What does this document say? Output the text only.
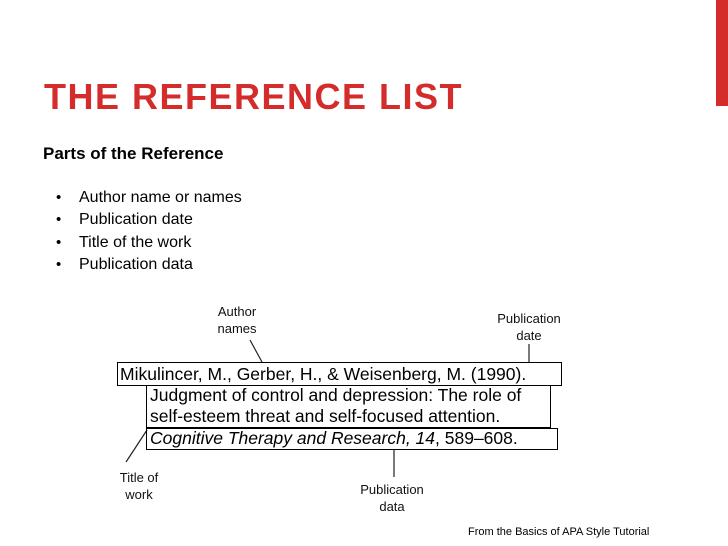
THE REFERENCE LIST
Parts of the Reference
• Author name or names
• Publication date
• Title of the work
• Publication data
Author
names
Publication
date
Title of
work	Publication
data
Mikulincer, M., Gerber, H., & Weisenberg, M. (1990).
Judgment of control and depression: The role of
self-esteem threat and self-focused attention.
Cognitive Therapy and Research, 14, 589–608.
From the Basics of APA Style Tutorial
